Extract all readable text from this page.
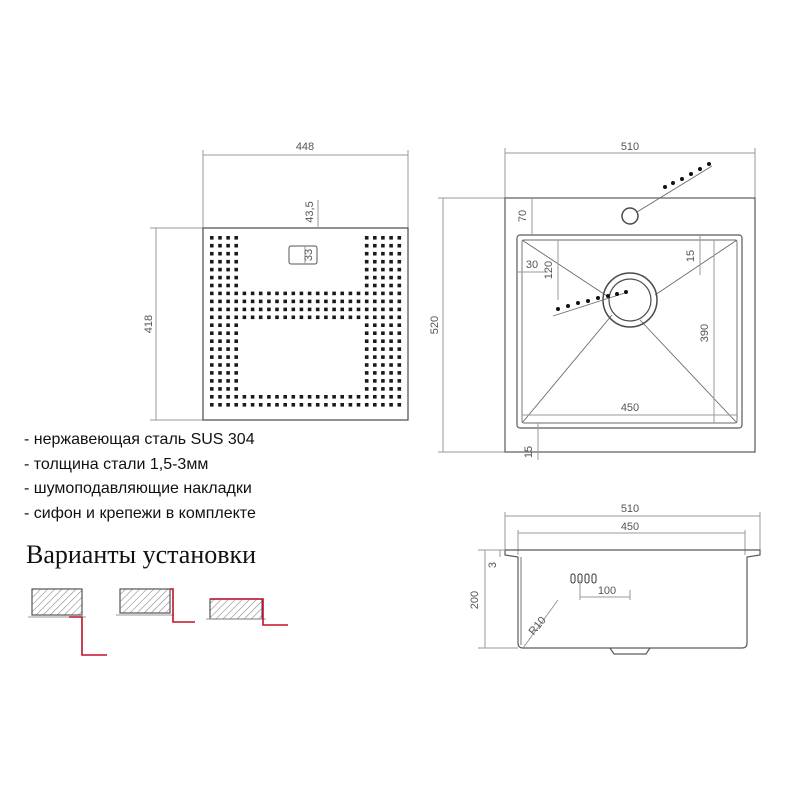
448
418
43,5
33
510
520
70
30 120
15
390
450
15
510
450
3
200	100
R10
- нержавеющая сталь SUS 304
- толщина стали 1,5-3мм
- шумоподавляющие накладки
- сифон и крепежи в комплекте
Варианты установки
